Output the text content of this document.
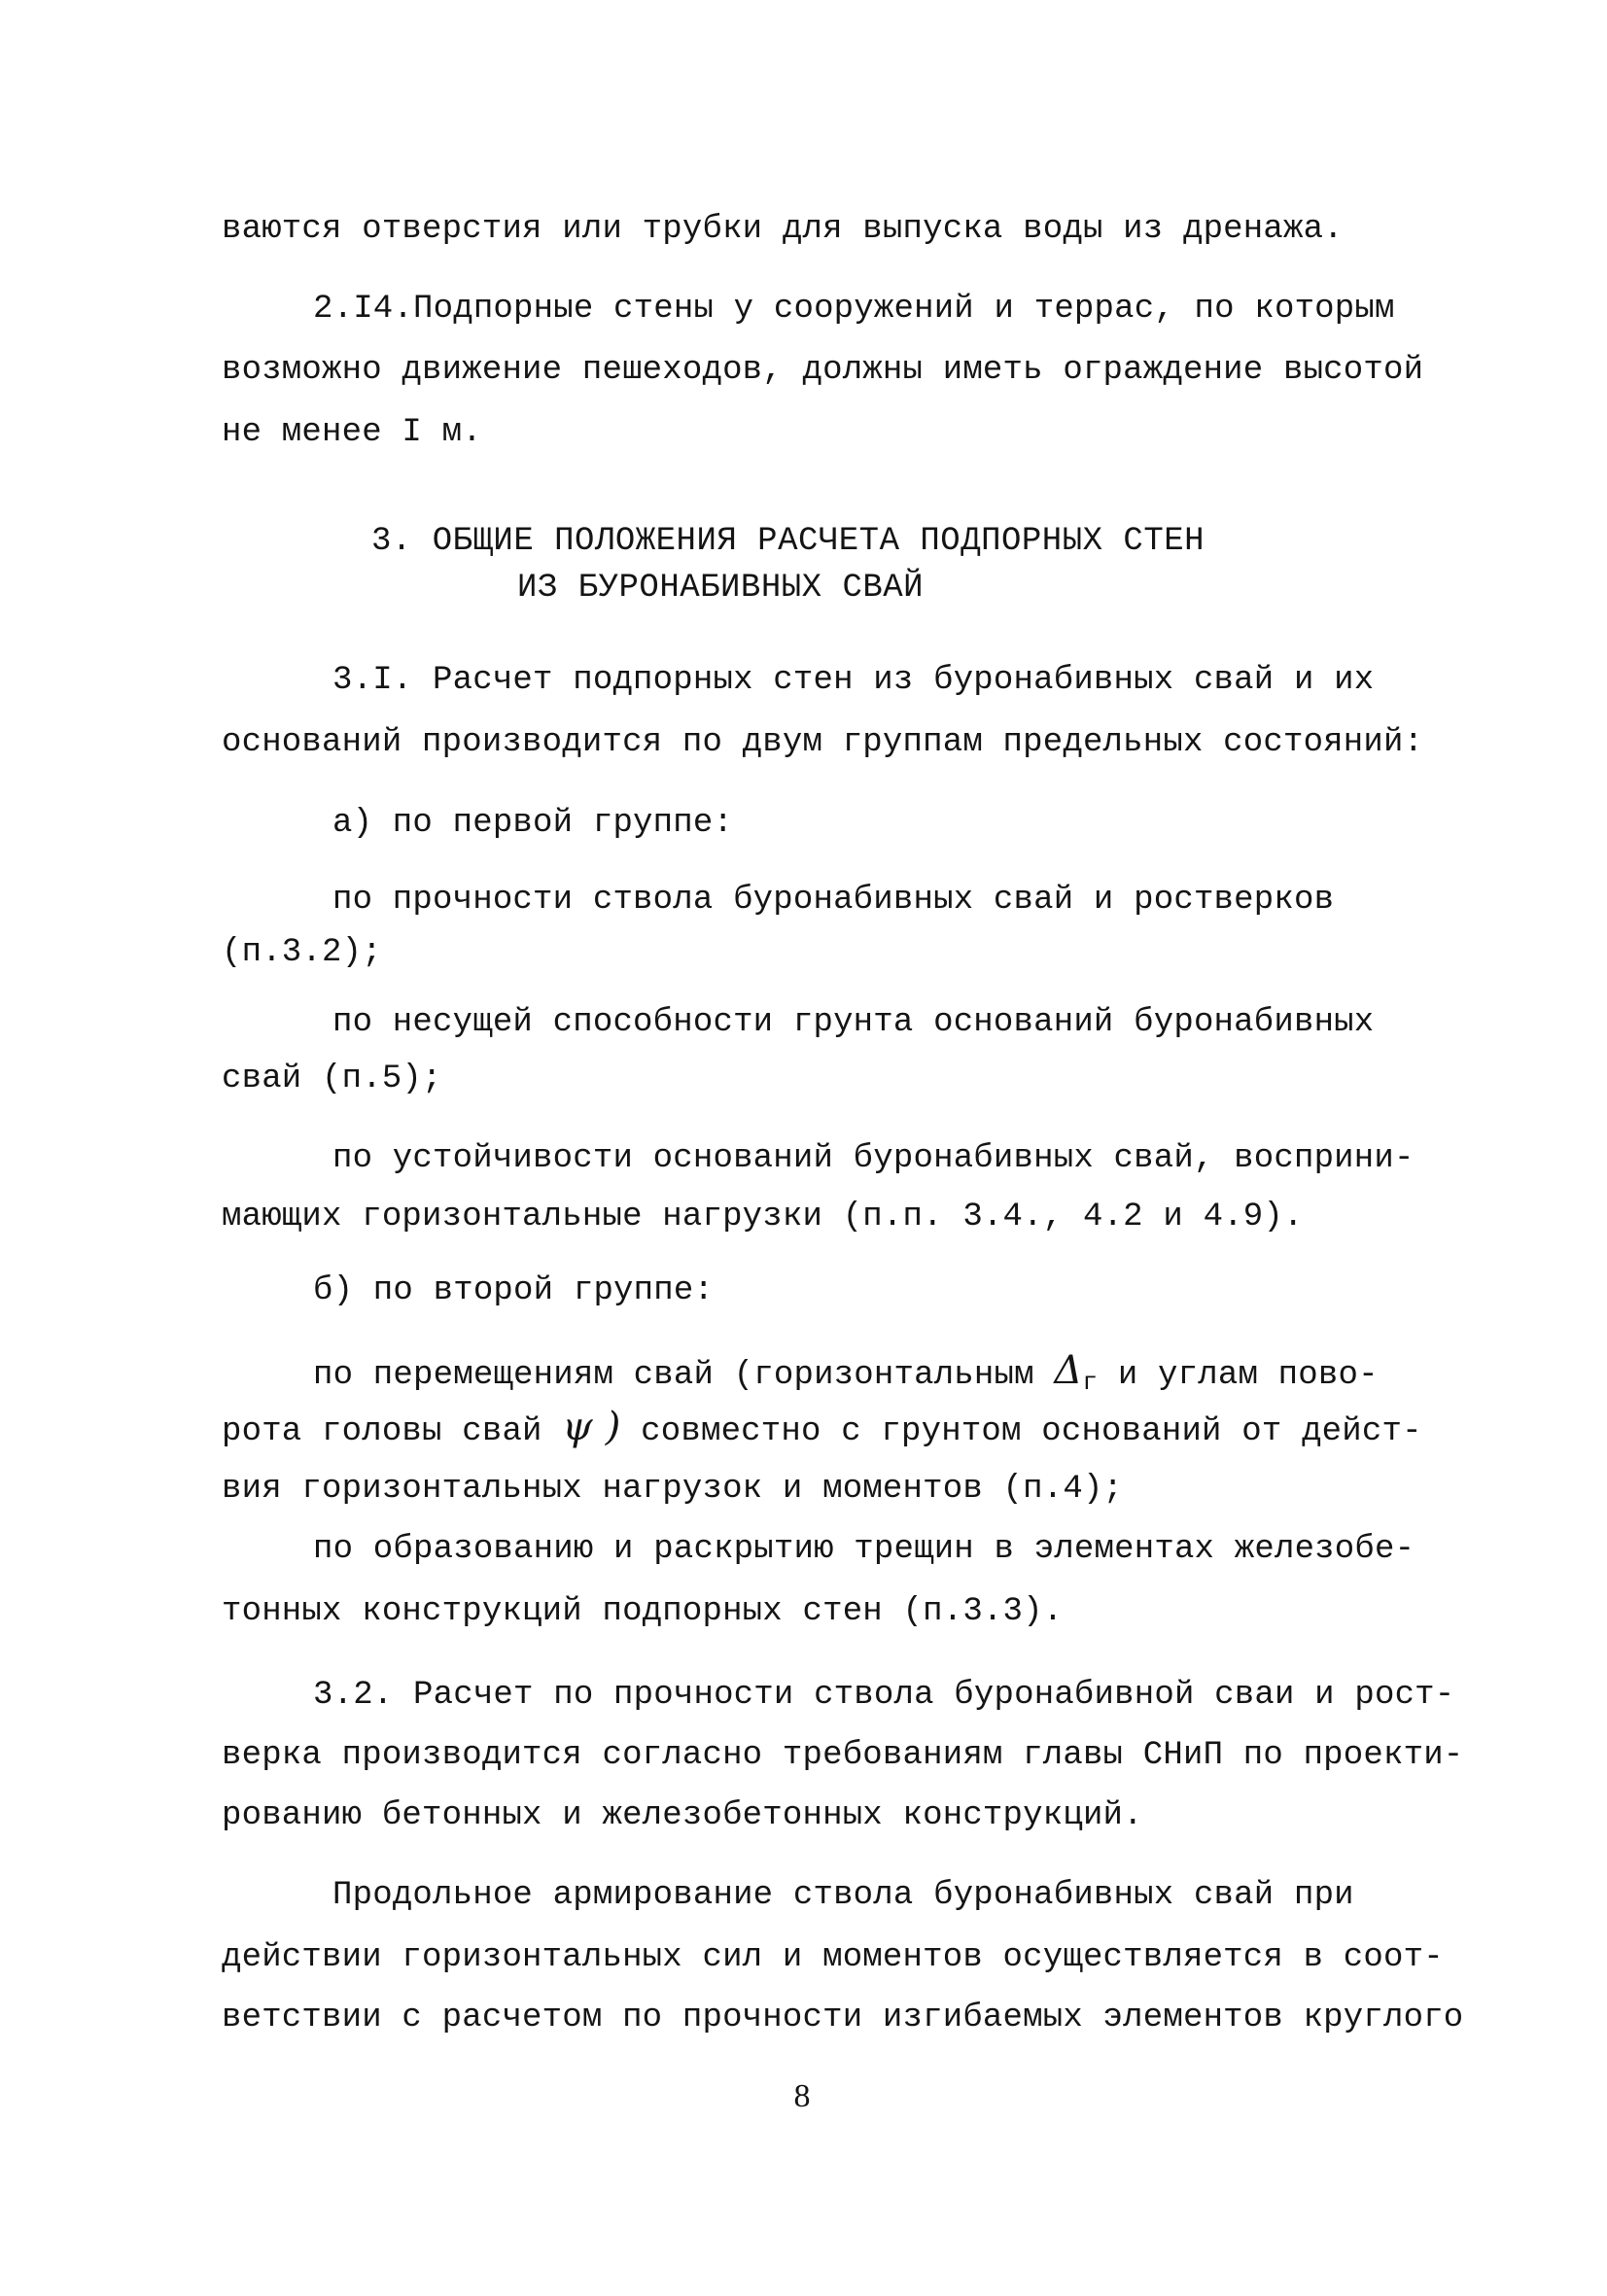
ваются отверстия или трубки для выпуска воды из дренажа.
2.I4.Подпорные стены у сооружений и террас, по которым
возможно движение пешеходов, должны иметь ограждение высотой
не менее I м.
3. ОБЩИЕ ПОЛОЖЕНИЯ РАСЧЕТА ПОДПОРНЫХ СТЕН
ИЗ БУРОНАБИВНЫХ СВАЙ
3.I. Расчет подпорных стен из буронабивных свай и их
оснований производится по двум группам предельных состояний:
а) по первой группе:
по прочности ствола буронабивных свай и ростверков
(п.3.2);
по несущей способности грунта оснований буронабивных
свай (п.5);
по устойчивости оснований буронабивных свай, восприни-
мающих горизонтальные нагрузки (п.п. 3.4., 4.2 и 4.9).
б) по второй группе:
по перемещениям свай (горизонтальным $\Delta_г$ и углам пово-
рота головы свай ψ ) совместно с грунтом оснований от дейст-
вия горизонтальных нагрузок и моментов (п.4);
по образованию и раскрытию трещин в элементах железобе-
тонных конструкций подпорных стен (п.3.3).
3.2. Расчет по прочности ствола буронабивной сваи и рост-
верка производится согласно требованиям главы СНиП по проекти-
рованию бетонных и железобетонных конструкций.
Продольное армирование ствола буронабивных свай при
действии горизонтальных сил и моментов осуществляется в соот-
ветствии с расчетом по прочности изгибаемых элементов круглого
8
